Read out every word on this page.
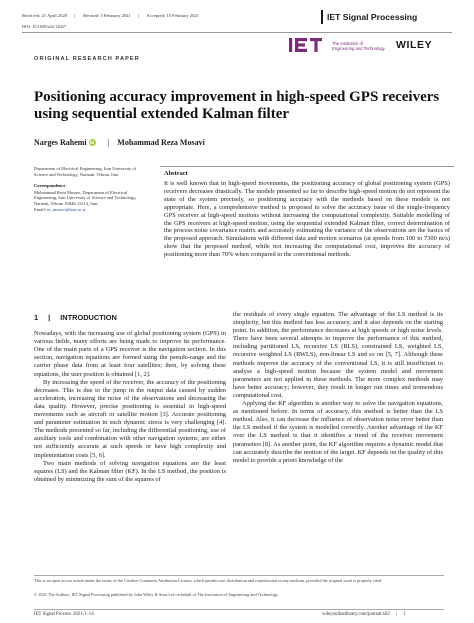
Received: 21 April 2020 | Revised: 5 February 2021 | Accepted: 15 February 2021
DOI: 10.1049/sil2.12027
IET Signal Processing
The Institution of
Engineering and Technology WILEY
ORIGINAL RESEARCH PAPER
Positioning accuracy improvement in high-speed GPS receivers using sequential extended Kalman filter
Narges Rahemi iD | Mohammad Reza Mosavi
Department of Electrical Engineering, Iran University of Science and Technology, Narmak, Tehran, Iran
Correspondence
Mohammad Reza Mosavi, Department of Electrical Engineering, Iran University of Science and Technology, Narmak, Tehran 16846-13114, Iran.
Email: m_mosavi@iust.ac.ir
Abstract
It is well known that in high-speed movements, the positioning accuracy of global positioning system (GPS) receivers decreases drastically. The models presented so far to describe high-speed motion do not represent the state of the system precisely, so positioning accuracy with the methods based on these models is not appropriate. Here, a comprehensive method is proposed to solve the accuracy issue of the single-frequency GPS receiver at high-speed motions without increasing the computational complexity. Suitable modelling of the GPS receivers at high-speed motion, using the sequential extended Kalman filter, correct determination of the process noise covariance matrix and accurately estimating the variance of the observations are the basics of the proposed approach. Simulations with different data and motion scenarios (at speeds from 100 to 7300 m/s) show that the proposed method, while not increasing the computational cost, improves the accuracy of positioning more than 70% when compared to the conventional methods.
1 | INTRODUCTION

Nowadays, with the increasing use of global positioning system (GPS) in various fields, many efforts are being made to improve its performance. One of the main parts of a GPS receiver is the navigation section. In this section, navigation equations are formed using the pseudo-range and the carrier phase data from at least four satellites; then, by solving these equations, the user position is obtained [1, 2].

By increasing the speed of the receiver, the accuracy of the positioning decreases. This is due to the jump in the output data caused by sudden acceleration, increasing the noise of the observations and decreasing the data quality. However, precise positioning is essential in high-speed movements such as aircraft or satellite motion [3]. Accurate positioning and parameter estimation in such dynamic stress is very challenging [4]. The methods presented so far, including the differential positioning, use of auxiliary tools and combination with other navigation systems, are either not sufficiently accurate at such speeds or have high complexity and implementation costs [5, 6].

Two main methods of solving navigation equations are the least squares (LS) and the Kalman filter (KF). In the LS method, the position is obtained by minimizing the sum of the squares of

the residuals of every single equation. The advantage of the LS method is its simplicity, but this method has less accuracy, and it also depends on the starting point. In addition, the performance decreases at high speeds or high noise levels. There have been several attempts to improve the performance of this method, including partitioned LS, recursive LS (RLS), constrained LS, weighted LS, recursive weighted LS (RWLS), non-linear LS and so on [5, 7]. Although these methods improve the accuracy of the conventional LS, it is still insufficient to analyse a high-speed motion because the system model and movement parameters are not applied in these methods. The more complex methods may have better accuracy; however, they result in longer run times and tremendous computational cost.

Applying the KF algorithm is another way to solve the navigation equations, as mentioned before. In terms of accuracy, this method is better than the LS method. Also, it can decrease the influence of observation noise error better than the LS method if the system is modelled correctly. Another advantage of the KF over the LS method is that it identifies a trend of the receiver movement parameters [8]. As another point, the KF algorithm requires a dynamic model that can accurately describe the motion of the target. KF depends on the quality of this model to provide a priori knowledge of the

This is an open access article under the terms of the Creative Commons Attribution License, which permits use, distribution and reproduction in any medium, provided the original work is properly cited.
© 2021 The Authors. IET Signal Processing published by John Wiley & Sons Ltd on behalf of The Institution of Engineering and Technology.
IET Signal Process. 2021;1–14.	wileyonlinelibrary.com/journal/sil2 | 1
